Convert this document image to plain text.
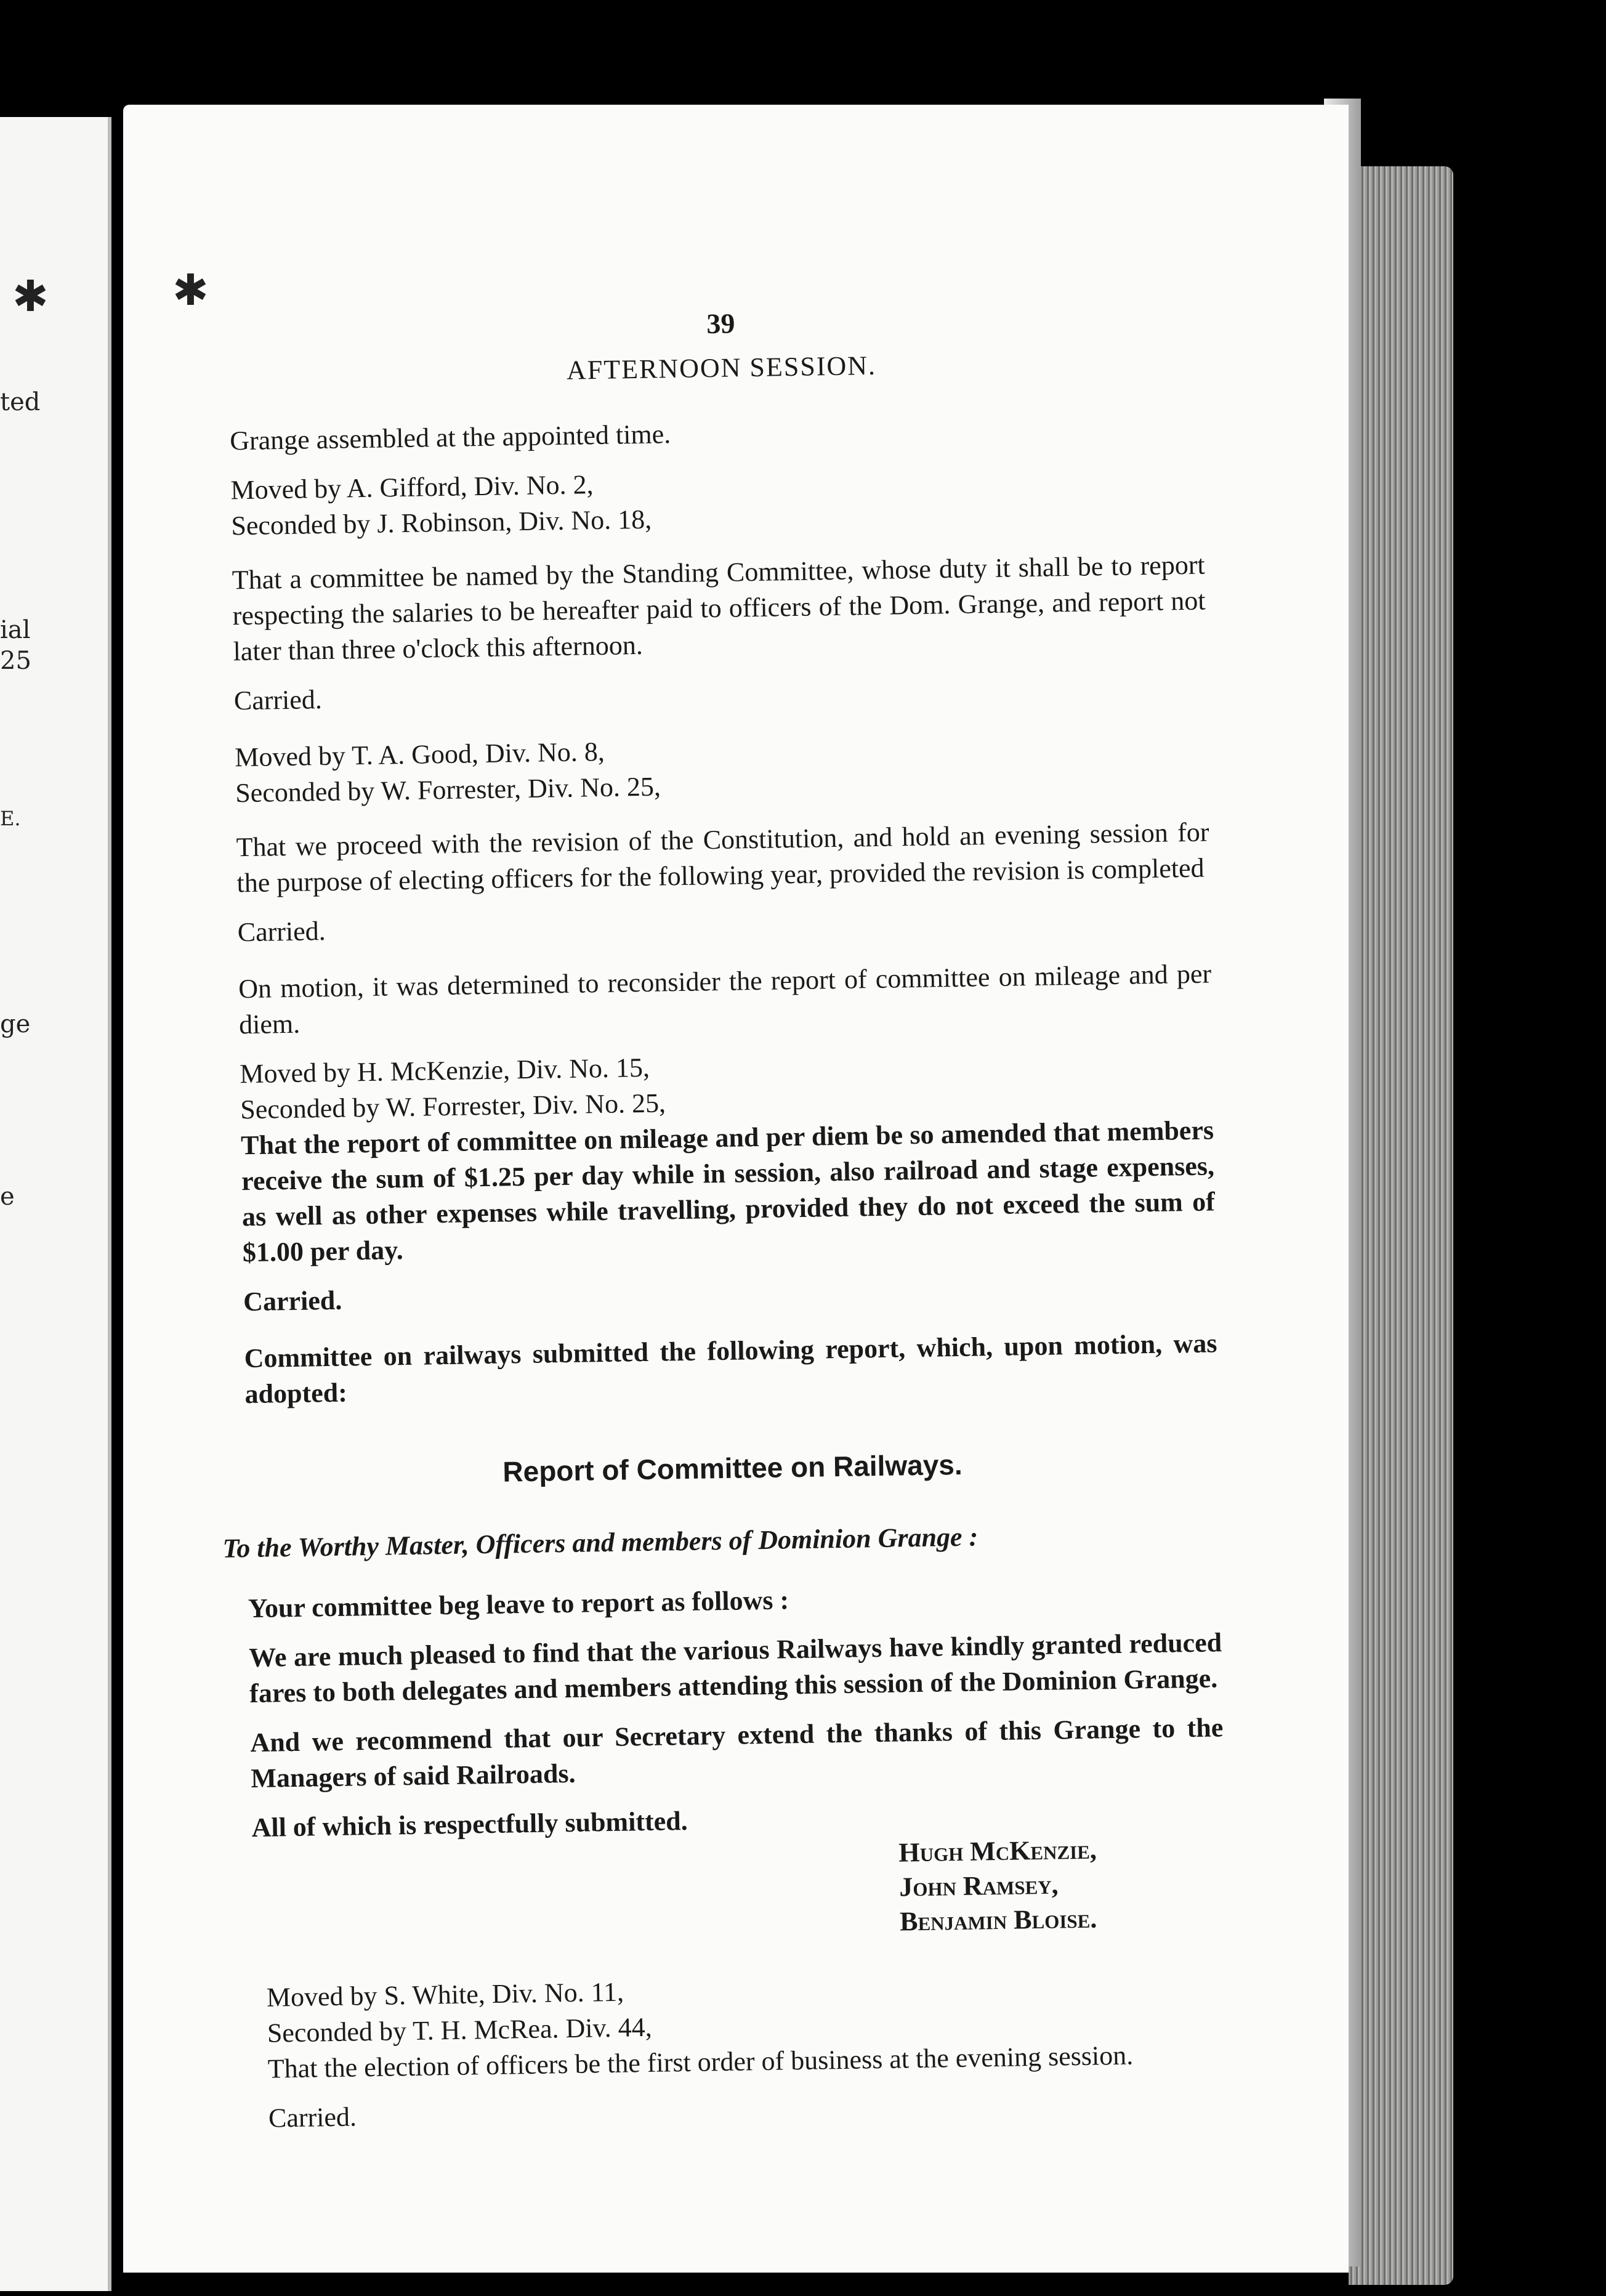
ted
ial
25
E.
ge
e
✱	✱
39
AFTERNOON SESSION.

Grange assembled at the appointed time.

Moved by A. Gifford, Div. No. 2,

Seconded by J. Robinson, Div. No. 18,

That a committee be named by the Standing Committee, whose duty it shall be to report respecting the salaries to be hereafter paid to officers of the Dom. Grange, and report not later than three o'clock this afternoon.

Carried.

Moved by T. A. Good, Div. No. 8,

Seconded by W. Forrester, Div. No. 25,

That we proceed with the revision of the Constitution, and hold an evening session for the purpose of electing officers for the following year, provided the revision is completed

Carried.

On motion, it was determined to reconsider the report of committee on mileage and per diem.

Moved by H. McKenzie, Div. No. 15,

Seconded by W. Forrester, Div. No. 25,

That the report of committee on mileage and per diem be so amended that members receive the sum of $1.25 per day while in session, also railroad and stage expenses, as well as other expenses while travelling, provided they do not exceed the sum of $1.00 per day.

Carried.

Committee on railways submitted the following report, which, upon motion, was adopted:

Report of Committee on Railways.
To the Worthy Master, Officers and members of Dominion Grange :

Your committee beg leave to report as follows :

We are much pleased to find that the various Railways have kindly granted reduced fares to both delegates and members attending this session of the Dominion Grange.

And we recommend that our Secretary extend the thanks of this Grange to the Managers of said Railroads.

All of which is respectfully submitted.

Hugh McKenzie,
John Ramsey,
Benjamin Bloise.

Moved by S. White, Div. No. 11,

Seconded by T. H. McRea. Div. 44,

That the election of officers be the first order of business at the evening session.

Carried.
